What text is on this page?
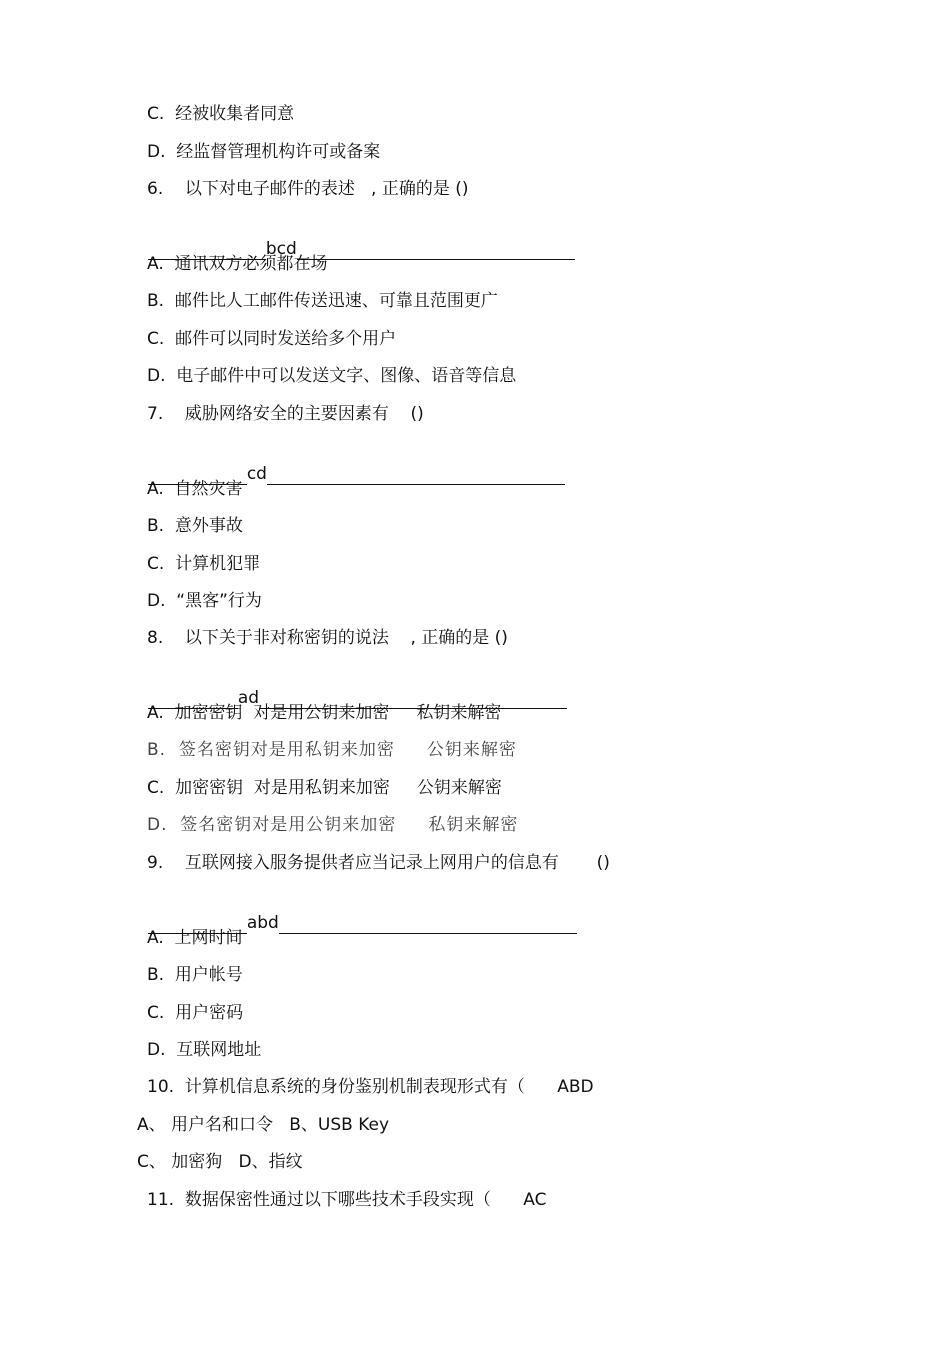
C.  经被收集者同意
D.  经监督管理机构许可或备案
6.    以下对电子邮件的表述   , 正确的是 ()

bcd

A.  通讯双方必须都在场
B.  邮件比人工邮件传送迅速、可靠且范围更广
C.  邮件可以同时发送给多个用户
D.  电子邮件中可以发送文字、图像、语音等信息
7.    威胁网络安全的主要因素有    ()

cd

A.  自然灾害
B.  意外事故
C.  计算机犯罪
D.  “黑客”行为
8.    以下关于非对称密钥的说法    , 正确的是 ()

ad

A.  加密密钥  对是用公钥来加密     私钥来解密
B.  签名密钥对是用私钥来加密     公钥来解密
C.  加密密钥  对是用私钥来加密     公钥来解密
D.  签名密钥对是用公钥来加密     私钥来解密
9.    互联网接入服务提供者应当记录上网用户的信息有       ()

abd

A.  上网时间
B.  用户帐号
C.  用户密码
D.  互联网地址
10.  计算机信息系统的身份鉴别机制表现形式有（      ABD
A、 用户名和口令   B、USB Key
C、 加密狗   D、指纹
11.  数据保密性通过以下哪些技术手段实现（      AC
